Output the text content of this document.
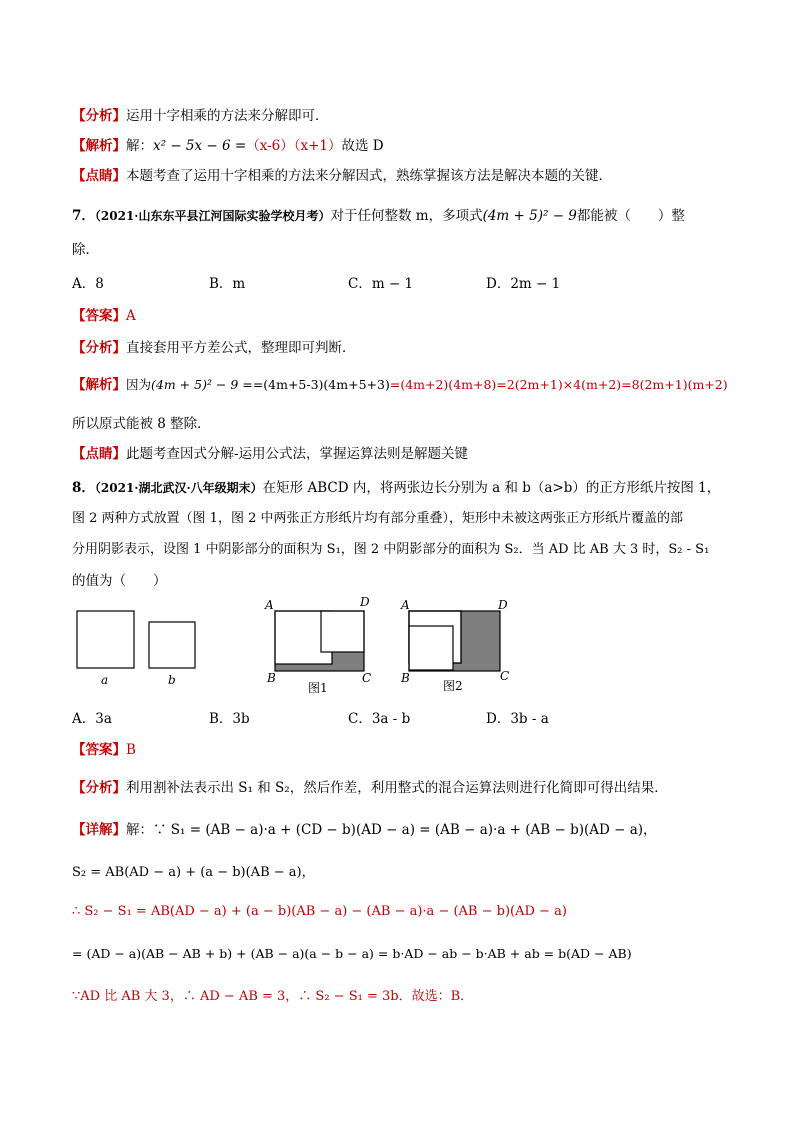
【分析】运用十字相乘的方法来分解即可．
【解析】解：x² − 5x − 6 =（x-6）（x+1）故选 D
【点睛】本题考查了运用十字相乘的方法来分解因式，熟练掌握该方法是解决本题的关键．
7．（2021·山东东平县江河国际实验学校月考）对于任何整数 m，多项式(4m + 5)² − 9都能被（　　）整
除．
A．8	B．m	C．m − 1	D．2m − 1
【答案】A
【分析】直接套用平方差公式，整理即可判断．
【解析】因为(4m + 5)² − 9 ==(4m+5-3)(4m+5+3)=(4m+2)(4m+8)=2(2m+1)×4(m+2)=8(2m+1)(m+2)
所以原式能被 8 整除．
【点睛】此题考查因式分解-运用公式法，掌握运算法则是解题关键
8．（2021·湖北武汉·八年级期末）在矩形 ABCD 内，将两张边长分别为 a 和 b（a>b）的正方形纸片按图 1，
图 2 两种方式放置（图 1，图 2 中两张正方形纸片均有部分重叠），矩形中未被这两张正方形纸片覆盖的部
分用阴影表示，设图 1 中阴影部分的面积为 S₁，图 2 中阴影部分的面积为 S₂．当 AD 比 AB 大 3 时，S₂ - S₁
的值为（　　）
a	b
A	D
B	C
图1
A	D
B	C
图2
A．3a	B．3b	C．3a - b	D．3b - a
【答案】B
【分析】利用割补法表示出 S₁ 和 S₂，然后作差，利用整式的混合运算法则进行化简即可得出结果．
【详解】解：∵ S₁ = (AB − a)·a + (CD − b)(AD − a) = (AB − a)·a + (AB − b)(AD − a)，
S₂ = AB(AD − a) + (a − b)(AB − a)，
∴ S₂ − S₁ = AB(AD − a) + (a − b)(AB − a) − (AB − a)·a − (AB − b)(AD − a)
= (AD − a)(AB − AB + b) + (AB − a)(a − b − a) = b·AD − ab − b·AB + ab = b(AD − AB)
∵AD 比 AB 大 3，∴ AD − AB = 3，∴ S₂ − S₁ = 3b．故选：B．
